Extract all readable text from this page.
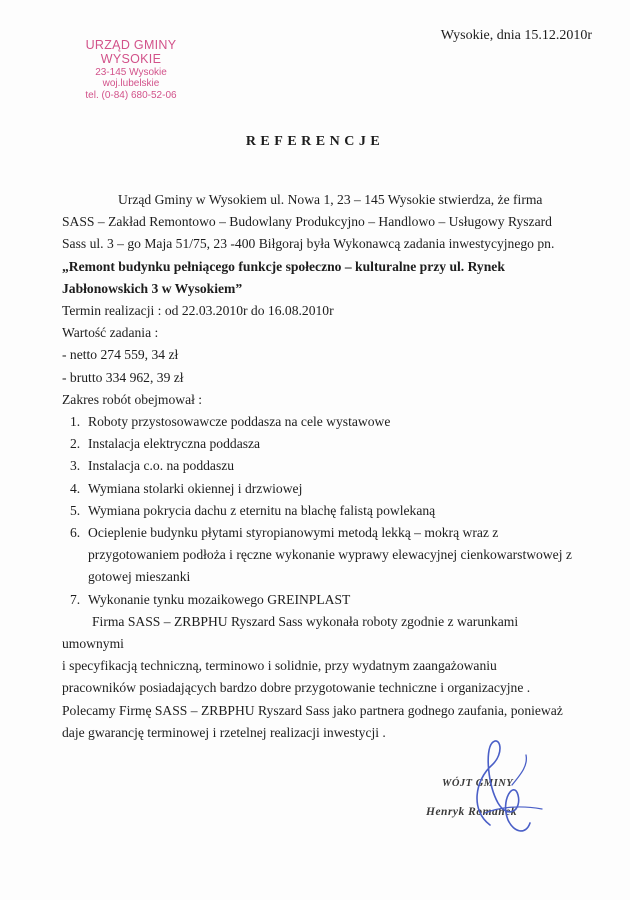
URZĄD GMINY WYSOKIE
23-145 Wysokie
woj.lubelskie
tel. (0-84) 680-52-06
Wysokie, dnia 15.12.2010r
REFERENCJE

Urząd Gminy w Wysokiem ul. Nowa 1, 23 – 145 Wysokie stwierdza, że firma

SASS – Zakład Remontowo – Budowlany Produkcyjno – Handlowo – Usługowy Ryszard

Sass ul. 3 – go Maja 51/75, 23 -400 Biłgoraj była Wykonawcą zadania inwestycyjnego pn.

„Remont budynku pełniącego funkcje społeczno – kulturalne przy ul. Rynek

Jabłonowskich 3 w Wysokiem”

Termin realizacji : od 22.03.2010r do 16.08.2010r

Wartość zadania :

- netto 274 559, 34 zł

- brutto 334 962, 39 zł

Zakres robót obejmował :

1. Roboty przystosowawcze poddasza na cele wystawowe
2. Instalacja elektryczna poddasza
3. Instalacja c.o. na poddaszu
4. Wymiana stolarki okiennej i drzwiowej
5. Wymiana pokrycia dachu z eternitu na blachę falistą powlekaną
6. Ocieplenie budynku płytami styropianowymi metodą lekką – mokrą wraz z
przygotowaniem podłoża i ręczne wykonanie wyprawy elewacyjnej cienkowarstwowej z
gotowej mieszanki
7. Wykonanie tynku mozaikowego GREINPLAST

Firma SASS – ZRBPHU Ryszard Sass wykonała roboty zgodnie z warunkami umownymi

i specyfikacją techniczną, terminowo i solidnie, przy wydatnym zaangażowaniu

pracowników posiadających bardzo dobre przygotowanie techniczne i organizacyjne .

Polecamy Firmę SASS – ZRBPHU Ryszard Sass jako partnera godnego zaufania, ponieważ

daje gwarancję terminowej i rzetelnej realizacji inwestycji .

WÓJT GMINY
Henryk Romanek
